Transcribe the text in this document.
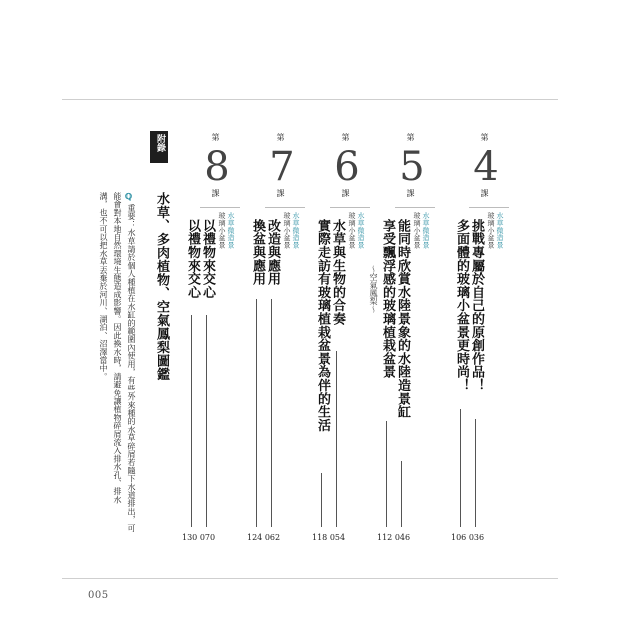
第
4
課
水草微造景
玻璃小盆景
挑戰專屬於自己的原創作品！
多面體的玻璃小盆景更時尚！
106 036
第
5
課
水草微造景
玻璃小盆景
能同時欣賞水陸景象的水陸造景缸
享受飄浮感的玻璃植栽盆景
～空氣鳳梨～
112 046
第
6
課
水草微造景
玻璃小盆景
水草與生物的合奏
實際走訪有玻璃植栽盆景為伴的生活
118 054
第
7
課
水草微造景
玻璃小盆景
改造與應用
換盆與應用
124 062
第
8
課
水草微造景
玻璃小盆景
以禮物來交心
以禮物來交心
130 070
附錄
水草、多肉植物、空氣鳳梨圖鑑
ℚ
重要：水草請於個人種植在水缸的範圍內使用，有些外來種的水草碎屑若隨下水道排出，可
能會對本地自然環境生態造成影響。因此換水時，請避免讓植物碎屑流入排水孔、排水
溝，也不可以把水草丟棄於河川、湖泊、沼澤當中。
005
